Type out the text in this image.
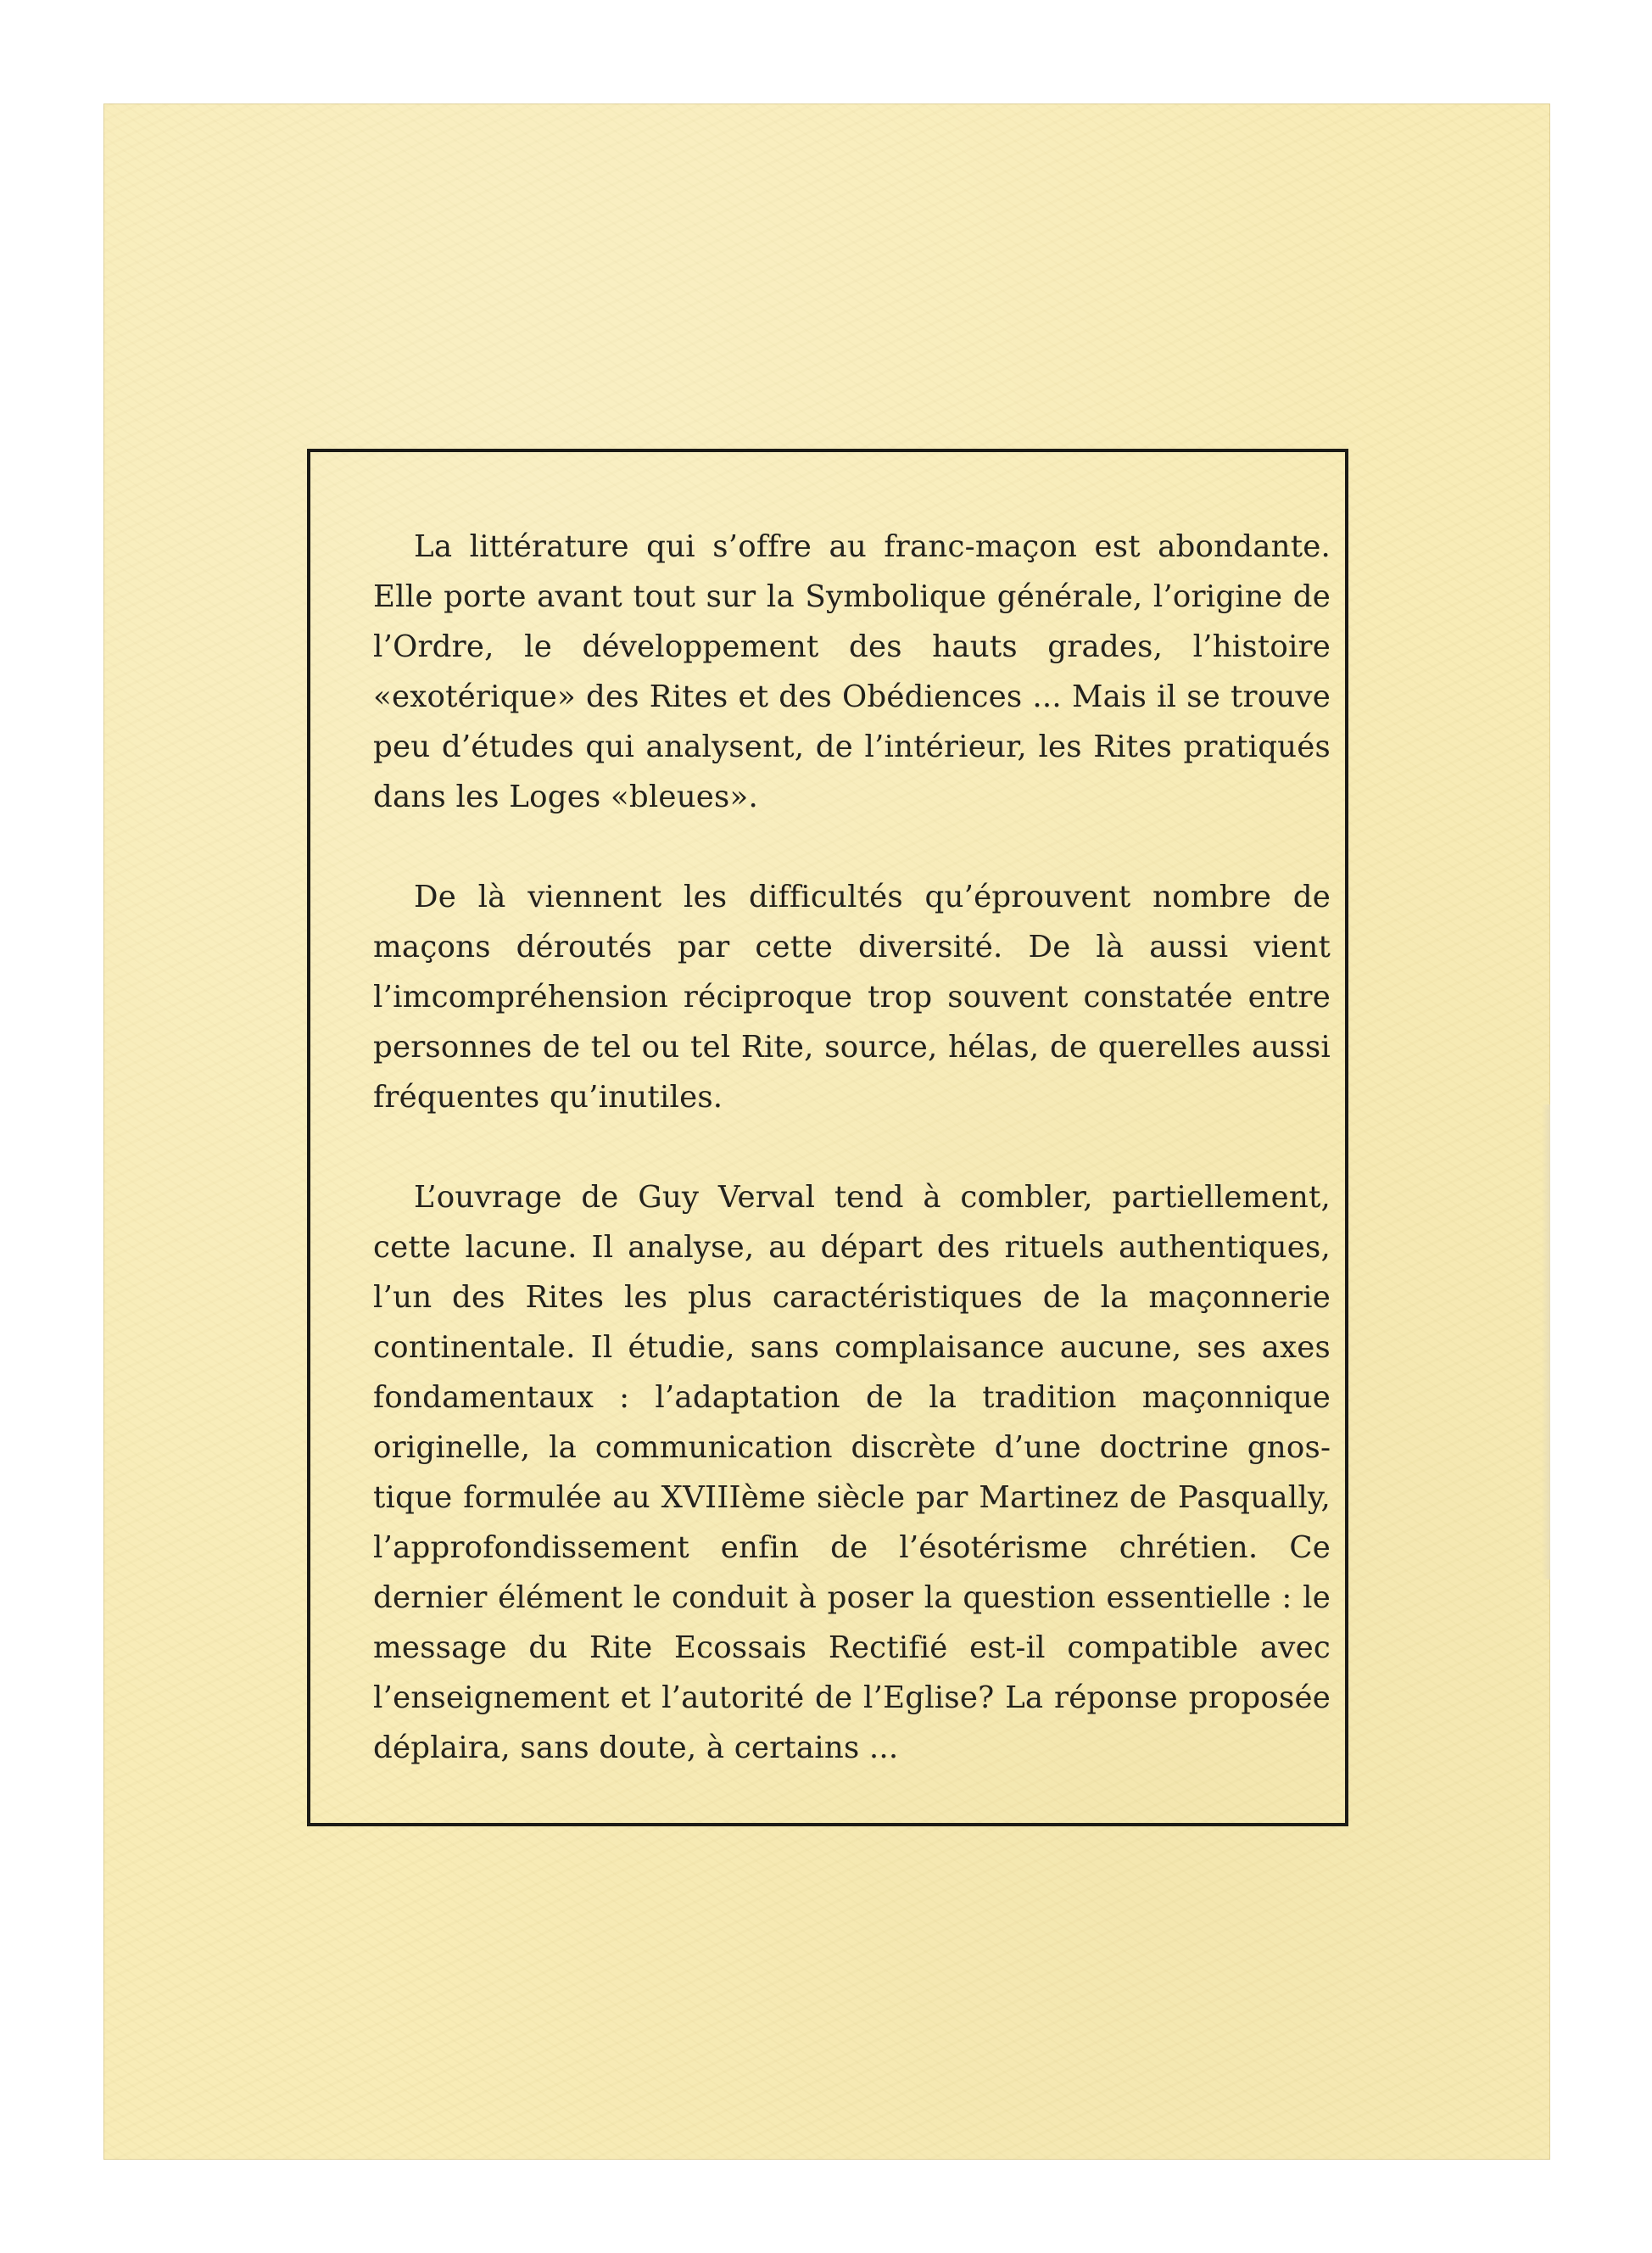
La littérature qui s’offre au franc-maçon est abondante. Elle porte avant tout sur la Symbolique générale, l’origine de l’Ordre, le développement des hauts grades, l’histoire «exotérique» des Rites et des Obédiences ... Mais il se trouve peu d’études qui analysent, de l’intérieur, les Rites pratiqués dans les Loges «bleues».

De là viennent les difficultés qu’éprouvent nombre de maçons déroutés par cette diversité. De là aussi vient l’imcompréhension réciproque trop souvent constatée entre personnes de tel ou tel Rite, source, hélas, de querelles aussi fréquentes qu’inutiles.

L’ouvrage de Guy Verval tend à combler, partiellement, cette lacune. Il analyse, au départ des rituels authentiques, l’un des Rites les plus caractéristiques de la maçonnerie continentale. Il étudie, sans complaisance aucune, ses axes fondamentaux : l’adaptation de la tradition maçonnique originelle, la communication discrète d’une doctrine gnostique formulée au XVIIIème siècle par Martinez de Pasqually, l’approfondissement enfin de l’ésotérisme chrétien. Ce dernier élément le conduit à poser la question essentielle : le message du Rite Ecossais Rectifié est-il compatible avec l’enseignement et l’autorité de l’Eglise? La réponse proposée déplaira, sans doute, à certains ...
